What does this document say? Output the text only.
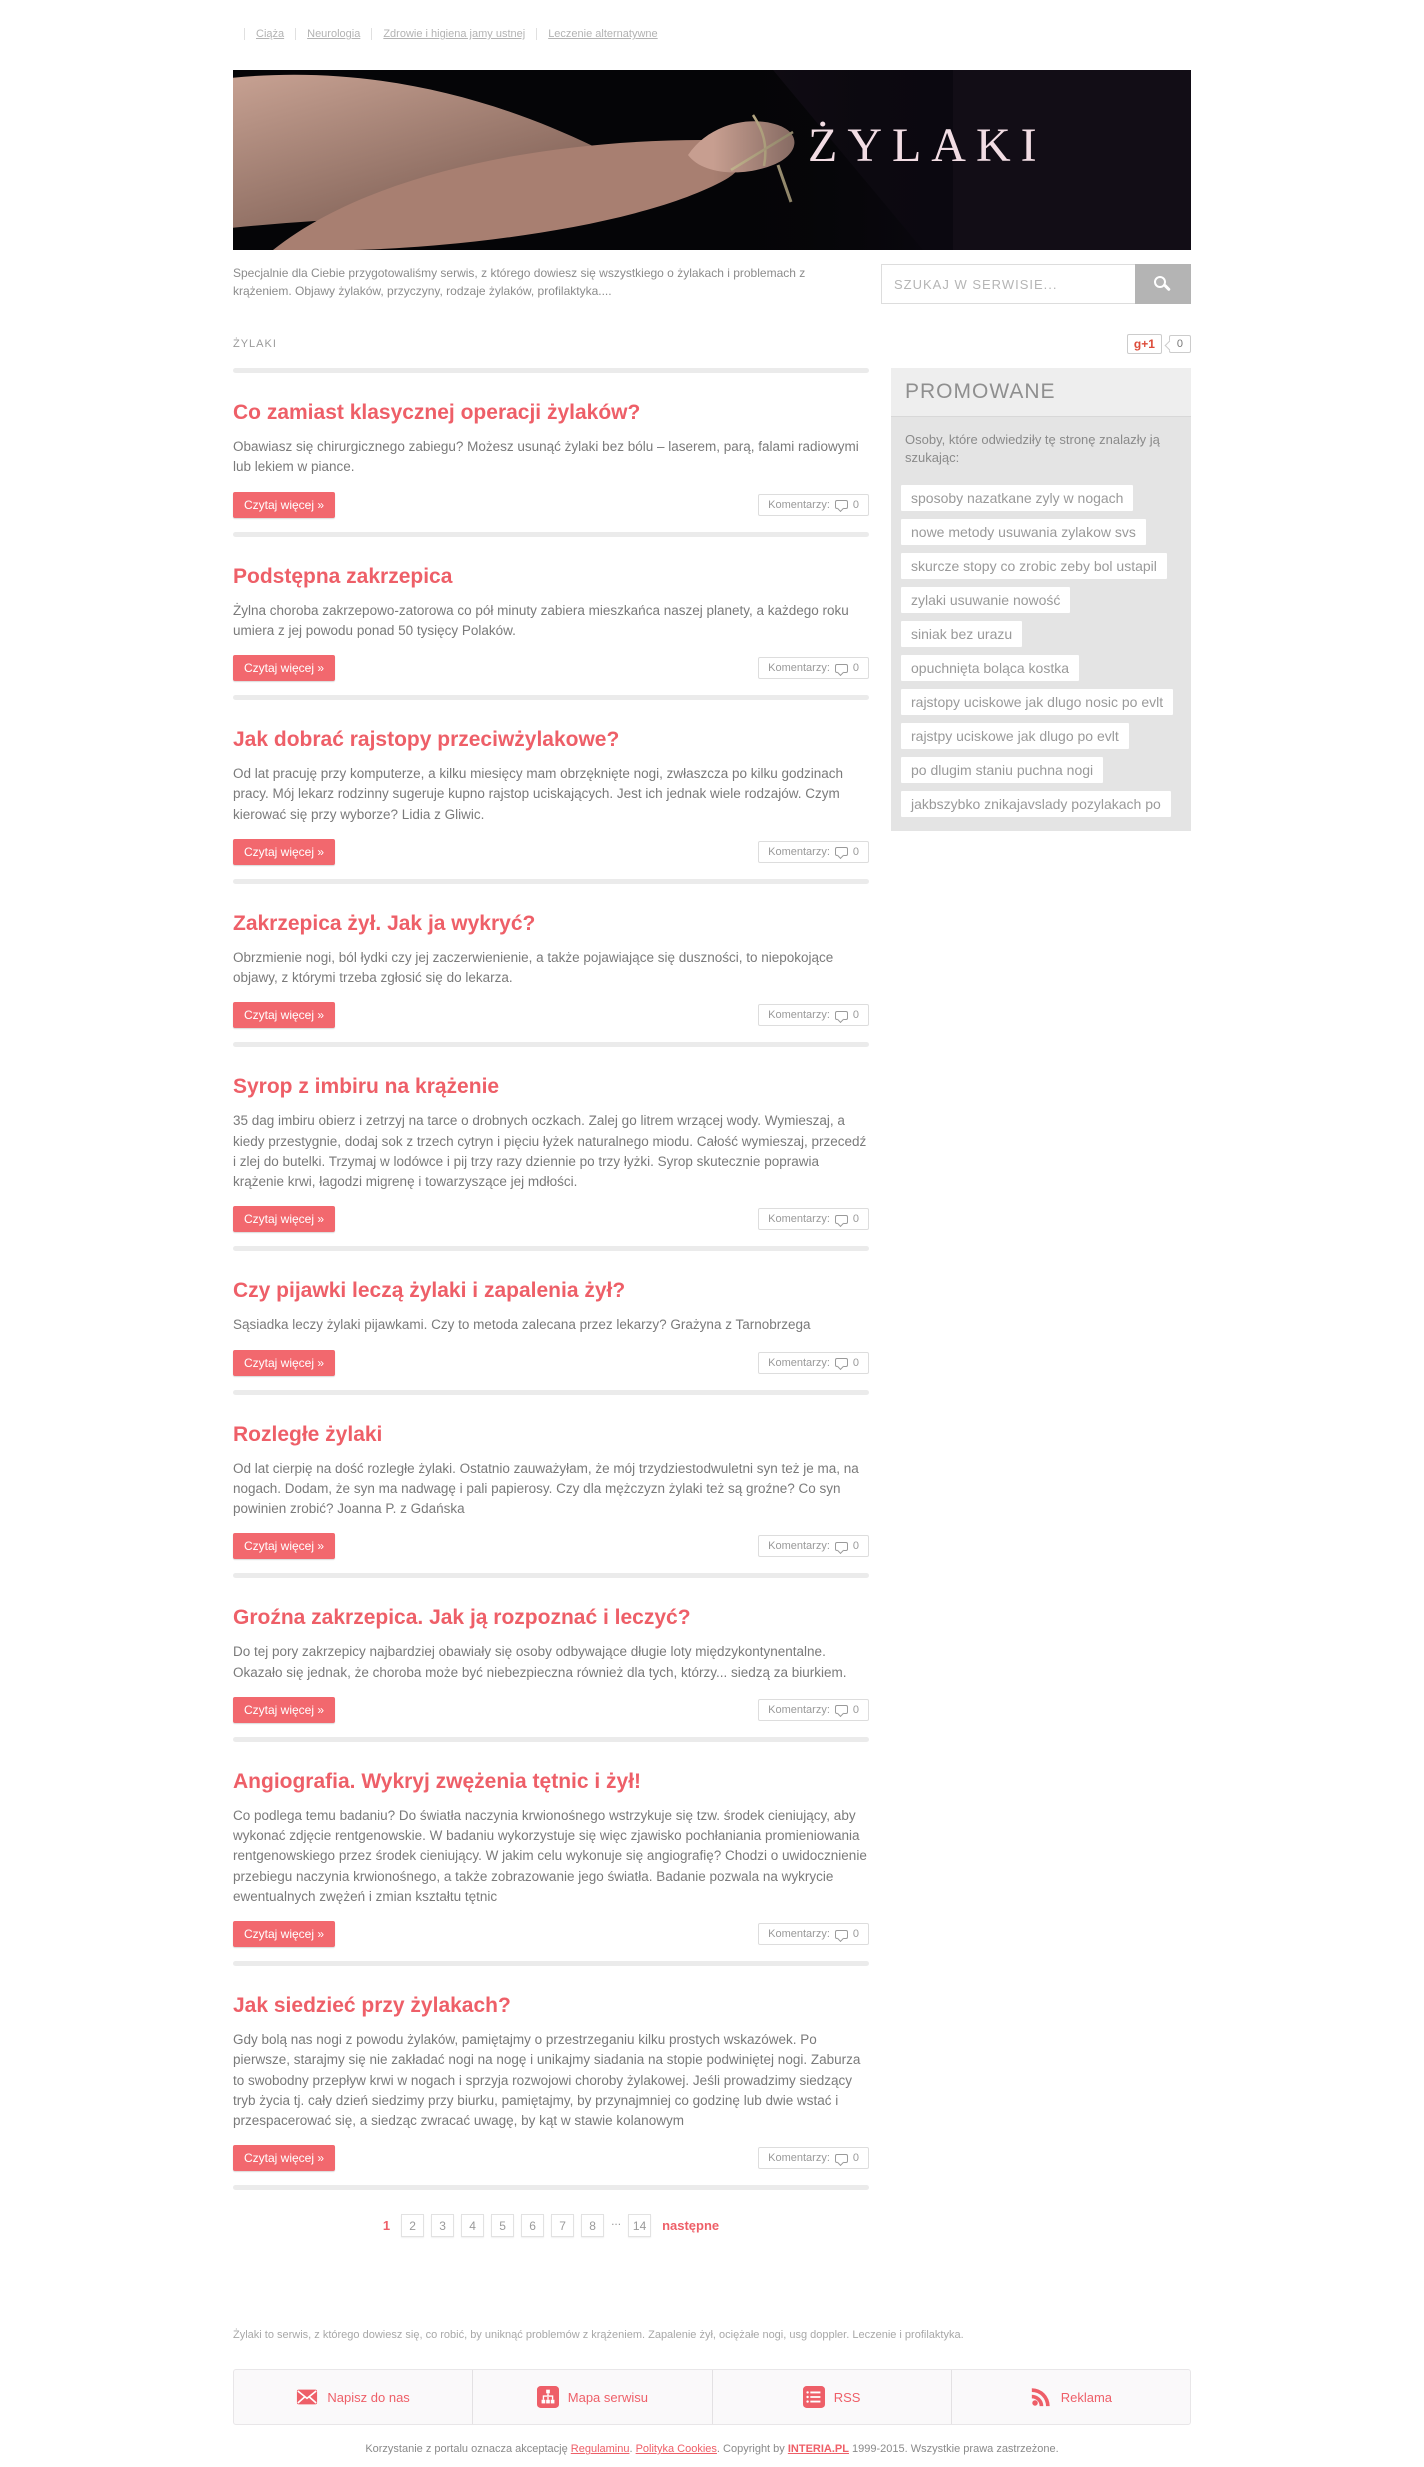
Ciąża	Neurologia	Zdrowie i higiena jamy ustnej	Leczenie alternatywne
ŻYLAKI

Specjalnie dla Ciebie przygotowaliśmy serwis, z którego dowiesz się wszystkiego o żylakach i problemach z krążeniem. Objawy żylaków, przyczyny, rodzaje żylaków, profilaktyka....

SZUKAJ W SERWISIE...
ŻYLAKI	g+1	0
Co zamiast klasycznej operacji żylaków?

Obawiasz się chirurgicznego zabiegu? Możesz usunąć żylaki bez bólu – laserem, parą, falami radiowymi lub lekiem w piance.

Czytaj więcej »	Komentarzy: 0
Podstępna zakrzepica

Żylna choroba zakrzepowo-zatorowa co pół minuty zabiera mieszkańca naszej planety, a każdego roku umiera z jej powodu ponad 50 tysięcy Polaków.

Czytaj więcej »	Komentarzy: 0
Jak dobrać rajstopy przeciwżylakowe?

Od lat pracuję przy komputerze, a kilku miesięcy mam obrzęknięte nogi, zwłaszcza po kilku godzinach pracy. Mój lekarz rodzinny sugeruje kupno rajstop uciskających. Jest ich jednak wiele rodzajów. Czym kierować się przy wyborze? Lidia z Gliwic.

Czytaj więcej »	Komentarzy: 0
Zakrzepica żył. Jak ja wykryć?

Obrzmienie nogi, ból łydki czy jej zaczerwienienie, a także pojawiające się duszności, to niepokojące objawy, z którymi trzeba zgłosić się do lekarza.

Czytaj więcej »	Komentarzy: 0
Syrop z imbiru na krążenie

35 dag imbiru obierz i zetrzyj na tarce o drobnych oczkach. Zalej go litrem wrzącej wody. Wymieszaj, a kiedy przestygnie, dodaj sok z trzech cytryn i pięciu łyżek naturalnego miodu. Całość wymieszaj, przecedź i zlej do butelki. Trzymaj w lodówce i pij trzy razy dziennie po trzy łyżki. Syrop skutecznie poprawia krążenie krwi, łagodzi migrenę i towarzyszące jej mdłości.

Czytaj więcej »	Komentarzy: 0
Czy pijawki leczą żylaki i zapalenia żył?

Sąsiadka leczy żylaki pijawkami. Czy to metoda zalecana przez lekarzy? Grażyna z Tarnobrzega

Czytaj więcej »	Komentarzy: 0
Rozległe żylaki

Od lat cierpię na dość rozległe żylaki. Ostatnio zauważyłam, że mój trzydziestodwuletni syn też je ma, na nogach. Dodam, że syn ma nadwagę i pali papierosy. Czy dla mężczyzn żylaki też są groźne? Co syn powinien zrobić? Joanna P. z Gdańska

Czytaj więcej »	Komentarzy: 0
Groźna zakrzepica. Jak ją rozpoznać i leczyć?

Do tej pory zakrzepicy najbardziej obawiały się osoby odbywające długie loty międzykontynentalne. Okazało się jednak, że choroba może być niebezpieczna również dla tych, którzy... siedzą za biurkiem.

Czytaj więcej »	Komentarzy: 0
Angiografia. Wykryj zwężenia tętnic i żył!

Co podlega temu badaniu? Do światła naczynia krwionośnego wstrzykuje się tzw. środek cieniujący, aby wykonać zdjęcie rentgenowskie. W badaniu wykorzystuje się więc zjawisko pochłaniania promieniowania rentgenowskiego przez środek cieniujący. W jakim celu wykonuje się angiografię? Chodzi o uwidocznienie przebiegu naczynia krwionośnego, a także zobrazowanie jego światła. Badanie pozwala na wykrycie ewentualnych zwężeń i zmian kształtu tętnic

Czytaj więcej »	Komentarzy: 0
Jak siedzieć przy żylakach?

Gdy bolą nas nogi z powodu żylaków, pamiętajmy o przestrzeganiu kilku prostych wskazówek. Po pierwsze, starajmy się nie zakładać nogi na nogę i unikajmy siadania na stopie podwiniętej nogi. Zaburza to swobodny przepływ krwi w nogach i sprzyja rozwojowi choroby żylakowej. Jeśli prowadzimy siedzący tryb życia tj. cały dzień siedzimy przy biurku, pamiętajmy, by przynajmniej co godzinę lub dwie wstać i przespacerować się, a siedząc zwracać uwagę, by kąt w stawie kolanowym

Czytaj więcej »	Komentarzy: 0
1	2	3	4	5	6	7	8	... 14	następne
PROMOWANE

Osoby, które odwiedziły tę stronę znalazły ją szukając:

sposoby nazatkane zyly w nogach
nowe metody usuwania zylakow svs
skurcze stopy co zrobic zeby bol ustapil
zylaki usuwanie nowość
siniak bez urazu
opuchnięta boląca kostka
rajstopy uciskowe jak dlugo nosic po evlt
rajstpy uciskowe jak dlugo po evlt
po dlugim staniu puchna nogi
jakbszybko znikajavslady pozylakach po

Żylaki to serwis, z którego dowiesz się, co robić, by uniknąć problemów z krążeniem. Zapalenie żył, ociężałe nogi, usg doppler. Leczenie i profilaktyka.

Napisz do nas	Mapa serwisu	RSS	Reklama

Korzystanie z portalu oznacza akceptację Regulaminu. Polityka Cookies. Copyright by INTERIA.PL 1999-2015. Wszystkie prawa zastrzeżone.
